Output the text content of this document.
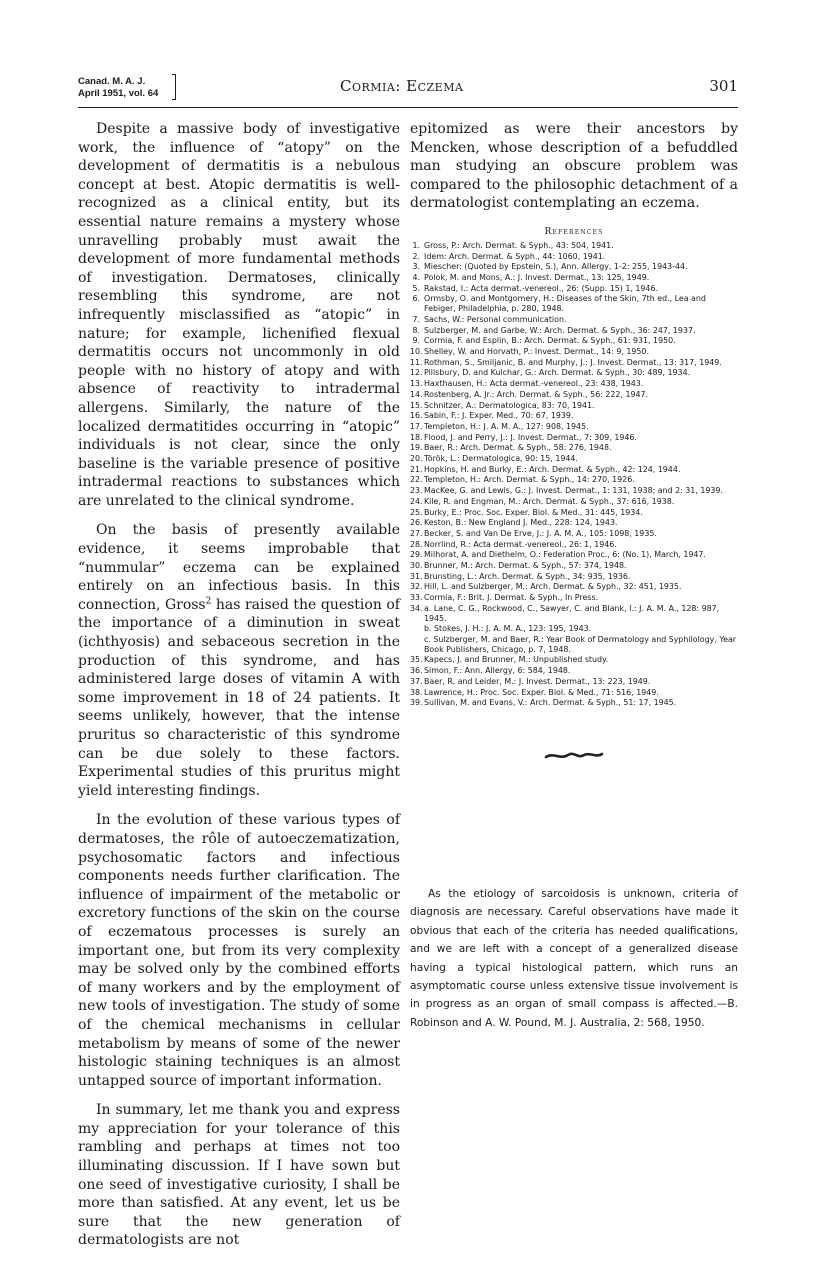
Canad. M. A. J.
April 1951, vol. 64	Cormia: Eczema	301

Despite a massive body of investigative work, the influence of “atopy” on the development of dermatitis is a nebulous concept at best. Atopic dermatitis is well-recognized as a clinical entity, but its essential nature remains a mystery whose unravelling probably must await the development of more fundamental methods of investigation. Dermatoses, clinically resembling this syndrome, are not infrequently misclassified as “atopic” in nature; for example, lichenified flexual dermatitis occurs not uncommonly in old people with no history of atopy and with absence of reactivity to intradermal allergens. Similarly, the nature of the localized dermatitides occurring in “atopic” individuals is not clear, since the only baseline is the variable presence of positive intradermal reactions to substances which are unrelated to the clinical syndrome.

On the basis of presently available evidence, it seems improbable that “nummular” eczema can be explained entirely on an infectious basis. In this connection, Gross$^2$ has raised the question of the importance of a diminution in sweat (ichthyosis) and sebaceous secretion in the production of this syndrome, and has administered large doses of vitamin A with some improvement in 18 of 24 patients. It seems unlikely, however, that the intense pruritus so characteristic of this syndrome can be due solely to these factors. Experimental studies of this pruritus might yield interesting findings.

In the evolution of these various types of dermatoses, the rôle of autoeczematization, psychosomatic factors and infectious components needs further clarification. The influence of impairment of the metabolic or excretory functions of the skin on the course of eczematous processes is surely an important one, but from its very complexity may be solved only by the combined efforts of many workers and by the employment of new tools of investigation. The study of some of the chemical mechanisms in cellular metabolism by means of some of the newer histologic staining techniques is an almost untapped source of important information.

In summary, let me thank you and express my appreciation for your tolerance of this rambling and perhaps at times not too illuminating discussion. If I have sown but one seed of investigative curiosity, I shall be more than satisfied. At any event, let us be sure that the new generation of dermatologists are not

epitomized as were their ancestors by Mencken, whose description of a befuddled man studying an obscure problem was compared to the philosophic detachment of a dermatologist contemplating an eczema.

References
1. Gross, P.: Arch. Dermat. & Syph., 43: 504, 1941.
2. Idem: Arch. Dermat. & Syph., 44: 1060, 1941.
3. Miescher: (Quoted by Epstein, S.), Ann. Allergy, 1-2: 255, 1943-44.
4. Polok, M. and Mons, A.: J. Invest. Dermat., 13: 125, 1949.
5. Rakstad, I.: Acta dermat.-venereol., 26: (Supp. 15) 1, 1946.
6. Ormsby, O. and Montgomery, H.: Diseases of the Skin, 7th ed., Lea and Febiger, Philadelphia, p. 280, 1948.
7. Sachs, W.: Personal communication.
8. Sulzberger, M. and Garbe, W.: Arch. Dermat. & Syph., 36: 247, 1937.
9. Cormia, F. and Esplin, B.: Arch. Dermat. & Syph., 61: 931, 1950.
10. Shelley, W. and Horvath, P.: Invest. Dermat., 14: 9, 1950.
11. Rothman, S., Smiljanic, B. and Murphy, J.: J. Invest. Dermat., 13: 317, 1949.
12. Pillsbury, D. and Kulchar, G.: Arch. Dermat. & Syph., 30: 489, 1934.
13. Haxthausen, H.: Acta dermat.-venereol., 23: 438, 1943.
14. Rostenberg, A. Jr.: Arch. Dermat. & Syph., 56: 222, 1947.
15. Schnitzer, A.: Dermatologica, 83: 70, 1941.
16. Sabin, F.: J. Exper. Med., 70: 67, 1939.
17. Templeton, H.: J. A. M. A., 127: 908, 1945.
18. Flood, J. and Perry, J.: J. Invest. Dermat., 7: 309, 1946.
19. Baer, R.: Arch. Dermat. & Syph., 58: 276, 1948.
20. Török, L.: Dermatologica, 90: 15, 1944.
21. Hopkins, H. and Burky, E.: Arch. Dermat. & Syph., 42: 124, 1944.
22. Templeton, H.: Arch. Dermat. & Syph., 14: 270, 1926.
23. MacKee, G. and Lewis, G.: J. Invest. Dermat., 1: 131, 1938; and 2: 31, 1939.
24. Kile, R. and Engman, M.: Arch. Dermat. & Syph., 37: 616, 1938.
25. Burky, E.: Proc. Soc. Exper. Biol. & Med., 31: 445, 1934.
26. Keston, B.: New England J. Med., 228: 124, 1943.
27. Becker, S. and Van De Erve, J.: J. A. M. A., 105: 1098, 1935.
28. Norrlind, R.: Acta dermat.-venereol., 26: 1, 1946.
29. Milhorat, A. and Diethelm, O.: Federation Proc., 6: (No. 1), March, 1947.
30. Brunner, M.: Arch. Dermat. & Syph., 57: 374, 1948.
31. Brunsting, L.: Arch. Dermat. & Syph., 34: 935, 1936.
32. Hill, L. and Sulzberger, M.: Arch. Dermat. & Syph., 32: 451, 1935.
33. Cormia, F.: Brit. J. Dermat. & Syph., In Press.
34. a. Lane, C. G., Rockwood, C., Sawyer, C. and Blank, I.: J. A. M. A., 128: 987, 1945.
b. Stokes, J. H.: J. A. M. A., 123: 195, 1943.
c. Sulzberger, M. and Baer, R.: Year Book of Dermatology and Syphilology, Year Book Publishers, Chicago, p. 7, 1948.
35. Kapecs, J. and Brunner, M.: Unpublished study.
36. Simon, F.: Ann. Allergy, 6: 584, 1948.
37. Baer, R. and Leider, M.: J. Invest. Dermat., 13: 223, 1949.
38. Lawrence, H.: Proc. Soc. Exper. Biol. & Med., 71: 516, 1949.
39. Sullivan, M. and Evans, V.: Arch. Dermat. & Syph., 51: 17, 1945.

As the etiology of sarcoidosis is unknown, criteria of diagnosis are necessary. Careful observations have made it obvious that each of the criteria has needed qualifications, and we are left with a concept of a generalized disease having a typical histological pattern, which runs an asymptomatic course unless extensive tissue involvement is in progress as an organ of small compass is affected.—B. Robinson and A. W. Pound, M. J. Australia, 2: 568, 1950.
